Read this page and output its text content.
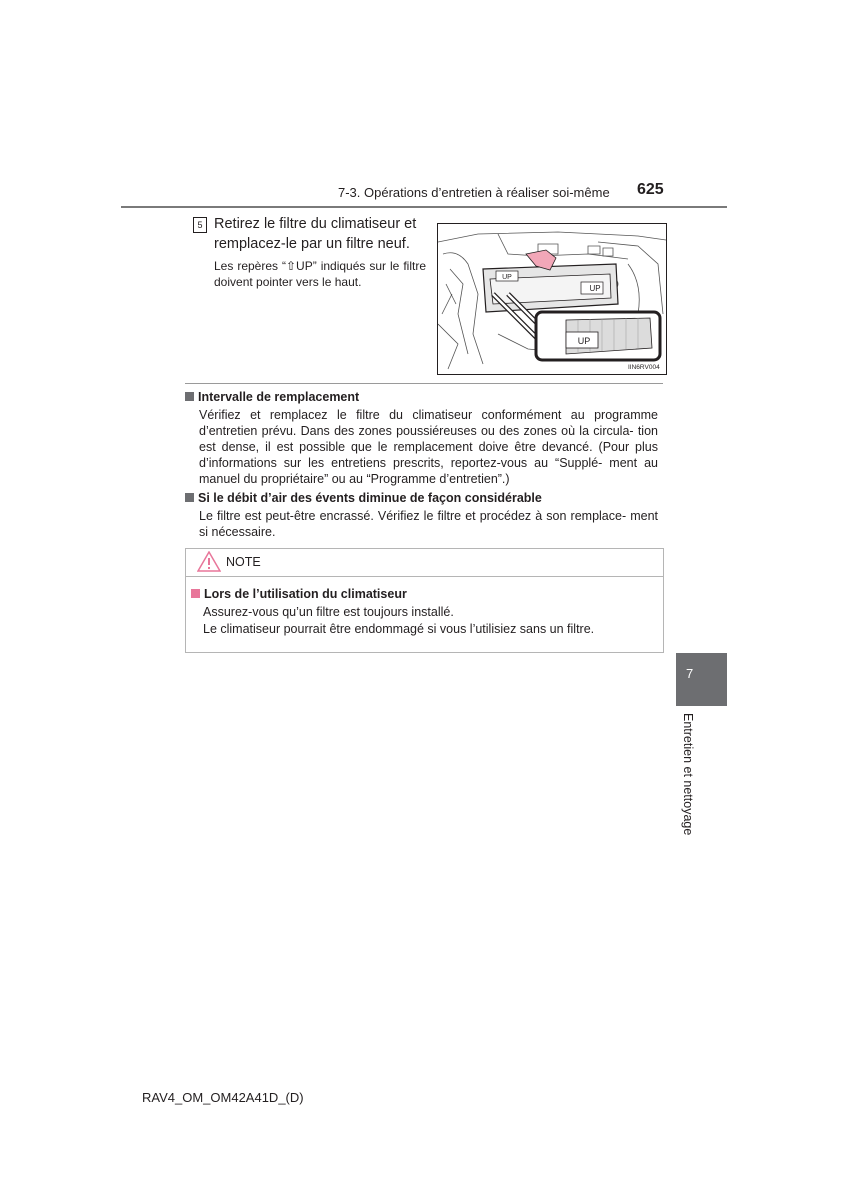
7-3. Opérations d’entretien à réaliser soi-même 625
5 Retirez le filtre du climatiseur et remplacez-le par un filtre neuf.
Les repères “⇧UP” indiqués sur le filtre doivent pointer vers le haut.	UP
UP
UP
IIN6RV004
Intervalle de remplacement
Vérifiez et remplacez le filtre du climatiseur conformément au programme d’entretien prévu. Dans des zones poussiéreuses ou des zones où la circula- tion est dense, il est possible que le remplacement doive être devancé. (Pour plus d’informations sur les entretiens prescrits, reportez-vous au “Supplé- ment au manuel du propriétaire” ou au “Programme d’entretien”.)
Si le débit d’air des évents diminue de façon considérable
Le filtre est peut-être encrassé. Vérifiez le filtre et procédez à son remplace- ment si nécessaire.
NOTE
Lors de l’utilisation du climatiseur
Assurez-vous qu’un filtre est toujours installé.
Le climatiseur pourrait être endommagé si vous l’utilisiez sans un filtre.
7
Entretien et nettoyage
RAV4_OM_OM42A41D_(D)
